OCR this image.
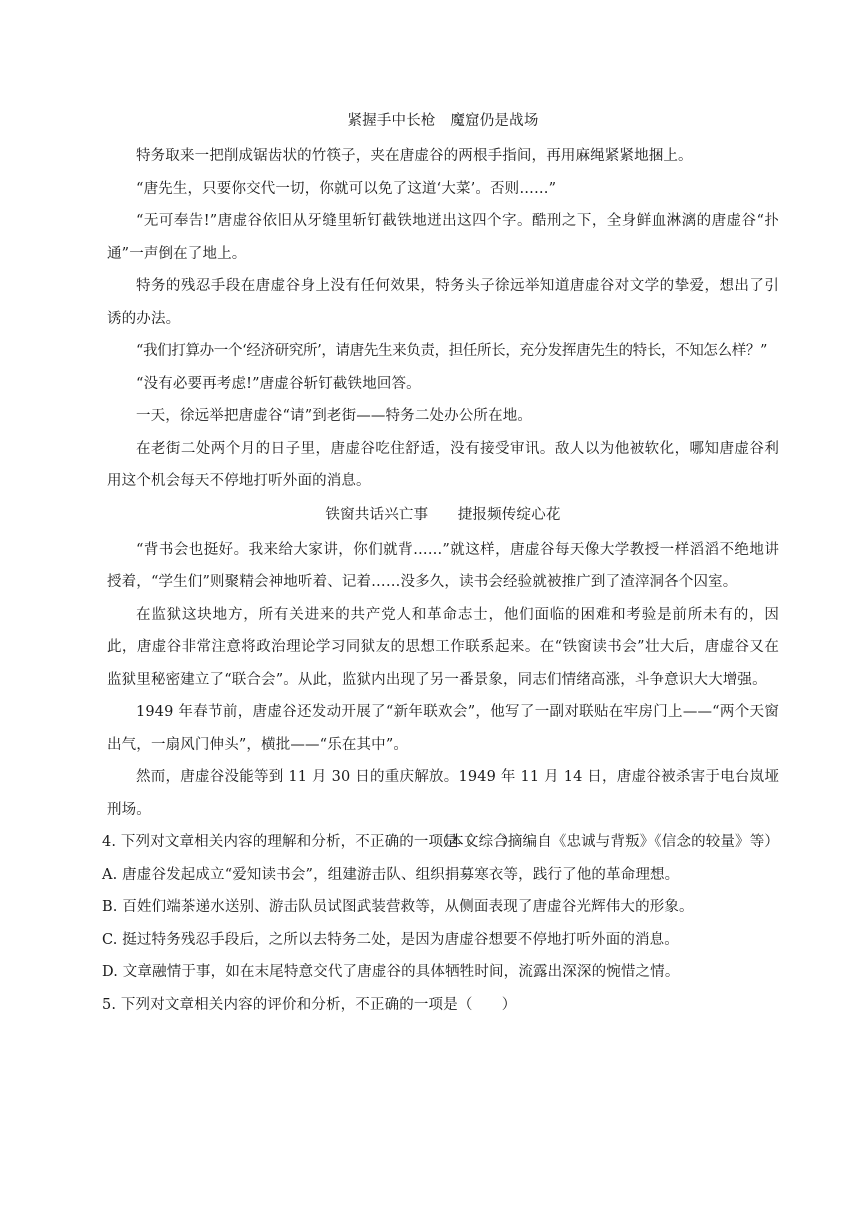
紧握手中长枪　魔窟仍是战场

特务取来一把削成锯齿状的竹筷子，夹在唐虚谷的两根手指间，再用麻绳紧紧地捆上。

“唐先生，只要你交代一切，你就可以免了这道‘大菜’。否则……”

“无可奉告!”唐虚谷依旧从牙缝里斩钉截铁地迸出这四个字。酷刑之下，全身鲜血淋漓的唐虚谷“扑通”一声倒在了地上。

特务的残忍手段在唐虚谷身上没有任何效果，特务头子徐远举知道唐虚谷对文学的挚爱，想出了引诱的办法。

“我们打算办一个‘经济研究所’，请唐先生来负责，担任所长，充分发挥唐先生的特长，不知怎么样？”

“没有必要再考虑!”唐虚谷斩钉截铁地回答。

一天，徐远举把唐虚谷“请”到老街——特务二处办公所在地。

在老街二处两个月的日子里，唐虚谷吃住舒适，没有接受审讯。敌人以为他被软化，哪知唐虚谷利用这个机会每天不停地打听外面的消息。

铁窗共话兴亡事　　捷报频传绽心花

“背书会也挺好。我来给大家讲，你们就背……”就这样，唐虚谷每天像大学教授一样滔滔不绝地讲授着，“学生们”则聚精会神地听着、记着……没多久，读书会经验就被推广到了渣滓洞各个囚室。

在监狱这块地方，所有关进来的共产党人和革命志士，他们面临的困难和考验是前所未有的，因此，唐虚谷非常注意将政治理论学习同狱友的思想工作联系起来。在“铁窗读书会”壮大后，唐虚谷又在监狱里秘密建立了“联合会”。从此，监狱内出现了另一番景象，同志们情绪高涨，斗争意识大大增强。

1949 年春节前，唐虚谷还发动开展了“新年联欢会”，他写了一副对联贴在牢房门上——“两个天窗出气，一扇风门伸头”，横批——“乐在其中”。

然而，唐虚谷没能等到 11 月 30 日的重庆解放。1949 年 11 月 14 日，唐虚谷被杀害于电台岚垭刑场。

（本文综合摘编自《忠诚与背叛》《信念的较量》等）

4. 下列对文章相关内容的理解和分析，不正确的一项是（　　）

A. 唐虚谷发起成立“爱知读书会”，组建游击队、组织捐募寒衣等，践行了他的革命理想。

B. 百姓们端茶递水送别、游击队员试图武装营救等，从侧面表现了唐虚谷光辉伟大的形象。

C. 挺过特务残忍手段后，之所以去特务二处，是因为唐虚谷想要不停地打听外面的消息。

D. 文章融情于事，如在末尾特意交代了唐虚谷的具体牺牲时间，流露出深深的惋惜之情。

5. 下列对文章相关内容的评价和分析，不正确的一项是（　　）
